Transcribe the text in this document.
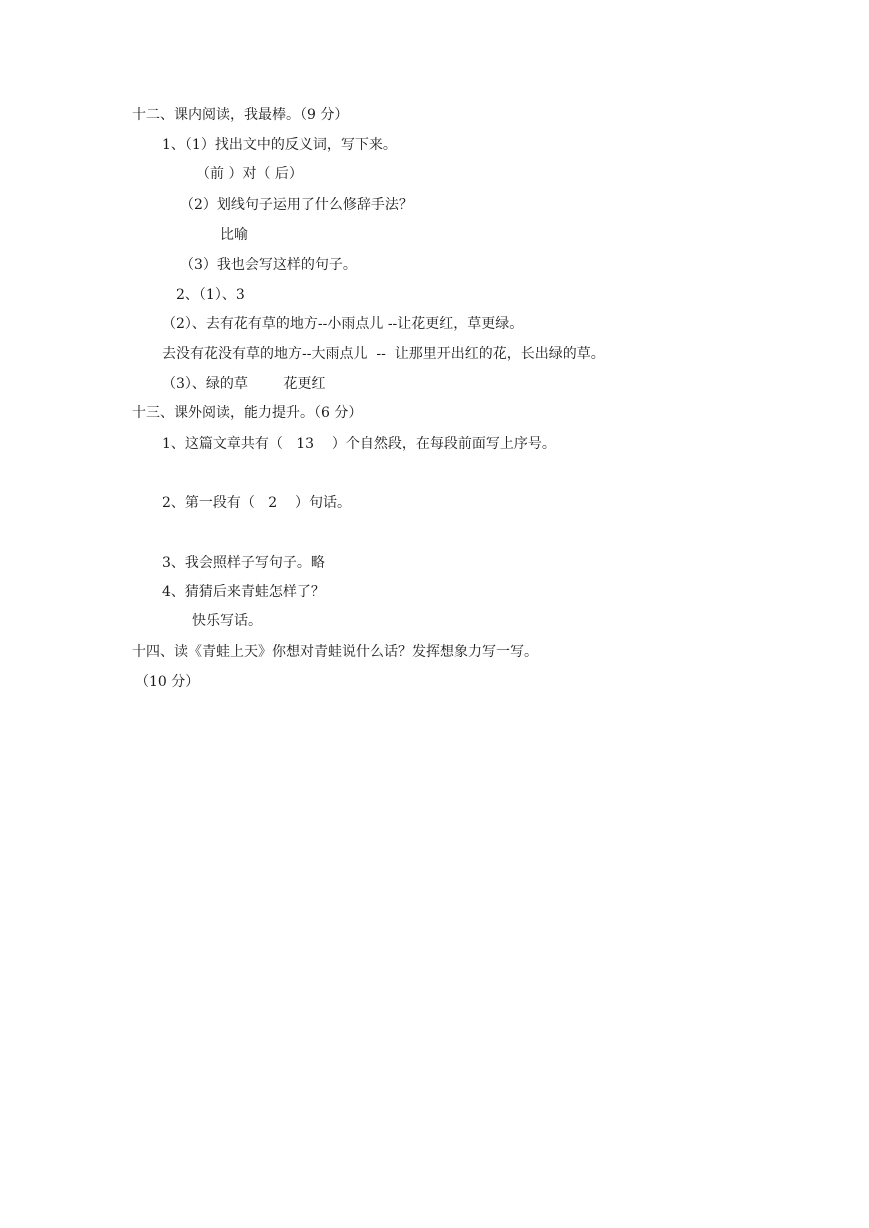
十二、课内阅读，我最棒。（9 分）
1、（1）找出文中的反义词，写下来。
（前 ）对（ 后）
（2）划线句子运用了什么修辞手法？
比喻
（3）我也会写这样的句子。
2、（1）、3
（2）、去有花有草的地方--小雨点儿 --让花更红，草更绿。
去没有花没有草的地方--大雨点儿  --  让那里开出红的花，长出绿的草。
（3）、绿的草        花更红
十三、课外阅读，能力提升。（6 分）
1、这篇文章共有（   13    ）个自然段，在每段前面写上序号。
2、第一段有（   2    ）句话。
3、我会照样子写句子。略
4、猜猜后来青蛙怎样了？
快乐写话。
十四、读《青蛙上天》你想对青蛙说什么话？发挥想象力写一写。
（10 分）
